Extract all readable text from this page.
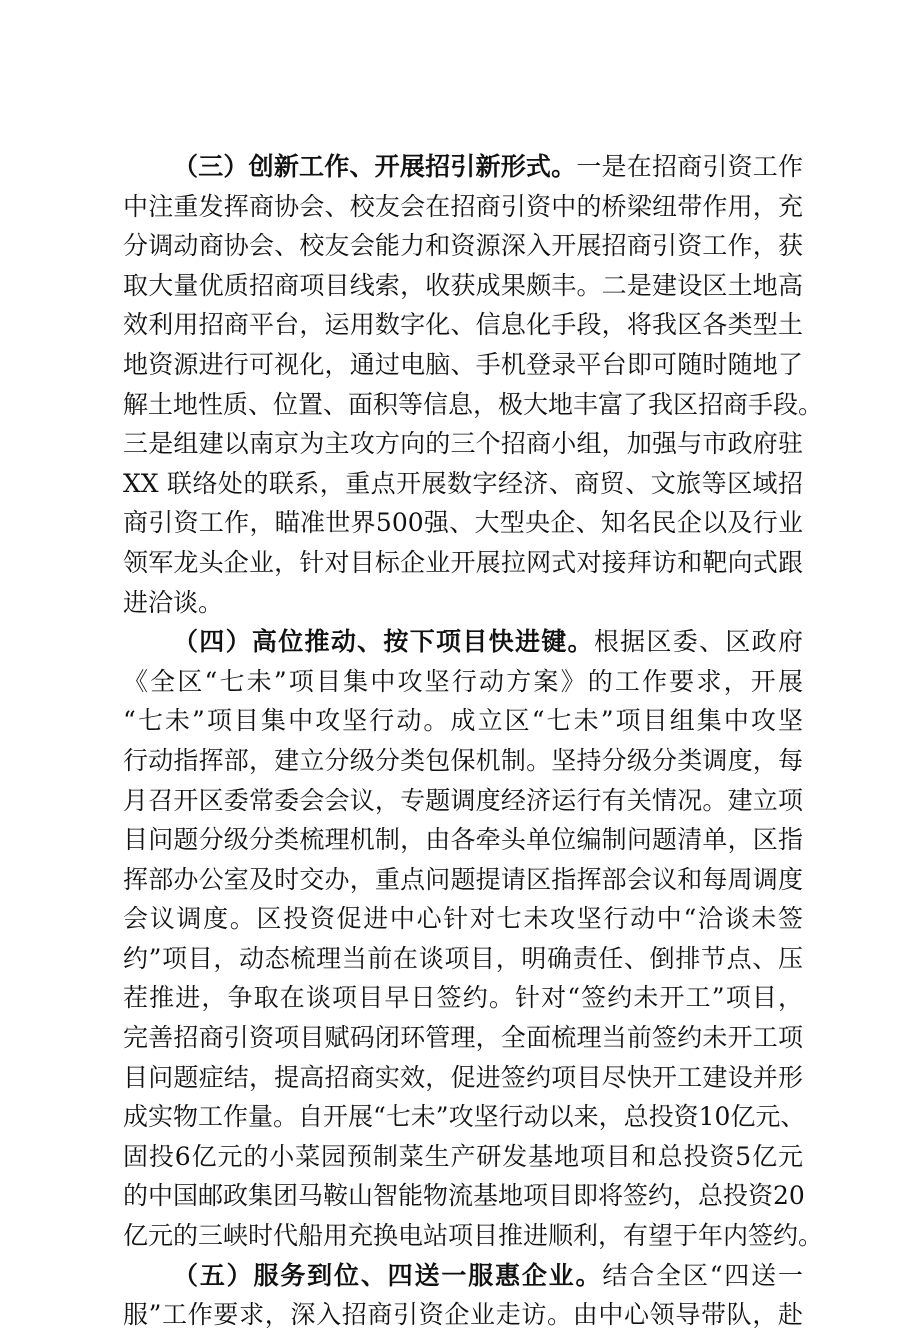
（三）创新工作、开展招引新形式。一是在招商引资工作
中注重发挥商协会、校友会在招商引资中的桥梁纽带作用，充
分调动商协会、校友会能力和资源深入开展招商引资工作，获
取大量优质招商项目线索，收获成果颇丰。二是建设区土地高
效利用招商平台，运用数字化、信息化手段，将我区各类型土
地资源进行可视化，通过电脑、手机登录平台即可随时随地了
解土地性质、位置、面积等信息，极大地丰富了我区招商手段。
三是组建以南京为主攻方向的三个招商小组，加强与市政府驻
XX 联络处的联系，重点开展数字经济、商贸、文旅等区域招
商引资工作，瞄准世界500强、大型央企、知名民企以及行业
领军龙头企业，针对目标企业开展拉网式对接拜访和靶向式跟
进洽谈。
（四）高位推动、按下项目快进键。根据区委、区政府
《全区“七未”项目集中攻坚行动方案》的工作要求，开展
“七未”项目集中攻坚行动。成立区“七未”项目组集中攻坚
行动指挥部，建立分级分类包保机制。坚持分级分类调度，每
月召开区委常委会会议，专题调度经济运行有关情况。建立项
目问题分级分类梳理机制，由各牵头单位编制问题清单，区指
挥部办公室及时交办，重点问题提请区指挥部会议和每周调度
会议调度。区投资促进中心针对七未攻坚行动中“洽谈未签
约”项目，动态梳理当前在谈项目，明确责任、倒排节点、压
茬推进，争取在谈项目早日签约。针对“签约未开工”项目，
完善招商引资项目赋码闭环管理，全面梳理当前签约未开工项
目问题症结，提高招商实效，促进签约项目尽快开工建设并形
成实物工作量。自开展“七未”攻坚行动以来，总投资10亿元、
固投6亿元的小菜园预制菜生产研发基地项目和总投资5亿元
的中国邮政集团马鞍山智能物流基地项目即将签约，总投资20
亿元的三峡时代船用充换电站项目推进顺利，有望于年内签约。
（五）服务到位、四送一服惠企业。结合全区“四送一
服”工作要求，深入招商引资企业走访。由中心领导带队，赴
